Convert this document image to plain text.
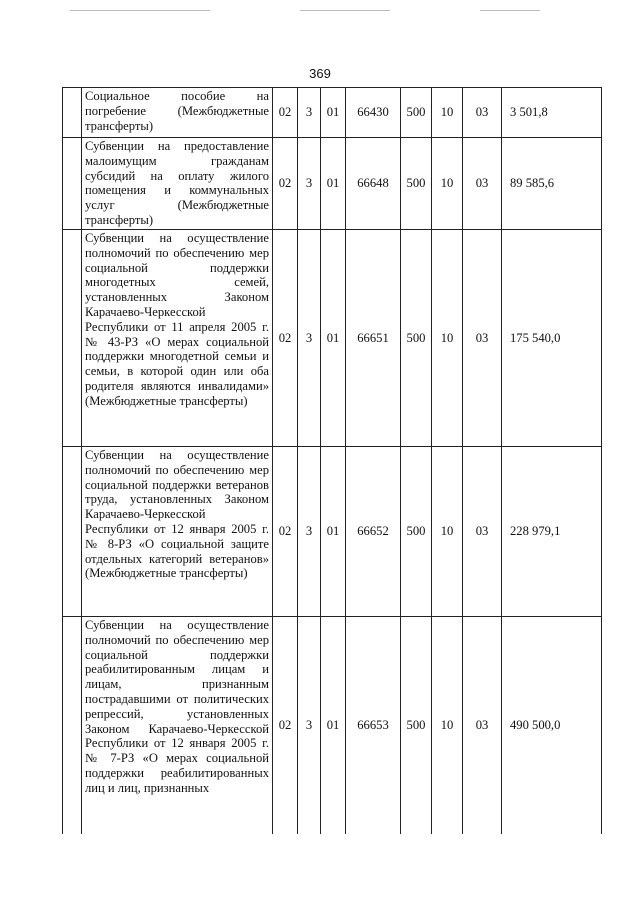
369
	Социальное пособие на погребение (Межбюджетные трансферты)	02	3	01	66430	500	10	03	3 501,8
	Субвенции на предоставление малоимущим гражданам субсидий на оплату жилого помещения и коммунальных услуг (Межбюджетные трансферты)	02	3	01	66648	500	10	03	89 585,6
	Субвенции на осуществление полномочий по обеспечению мер социальной поддержки многодетных семей, установленных Законом Карачаево-Черкесской Республики от 11 апреля 2005 г. № 43-РЗ «О мерах социальной поддержки многодетной семьи и семьи, в которой один или оба родителя являются инвалидами» (Межбюджетные трансферты)	02	3	01	66651	500	10	03	175 540,0
	Субвенции на осуществление полномочий по обеспечению мер социальной поддержки ветеранов труда, установленных Законом Карачаево-Черкесской Республики от 12 января 2005 г. № 8-РЗ «О социальной защите отдельных категорий ветеранов» (Межбюджетные трансферты)	02	3	01	66652	500	10	03	228 979,1
	Субвенции на осуществление полномочий по обеспечению мер социальной поддержки реабилитированным лицам и лицам, признанным пострадавшими от политических репрессий, установленных Законом Карачаево-Черкесской Республики от 12 января 2005 г. № 7-РЗ «О мерах социальной поддержки реабилитированных лиц и лиц, признанных	02	3	01	66653	500	10	03	490 500,0
